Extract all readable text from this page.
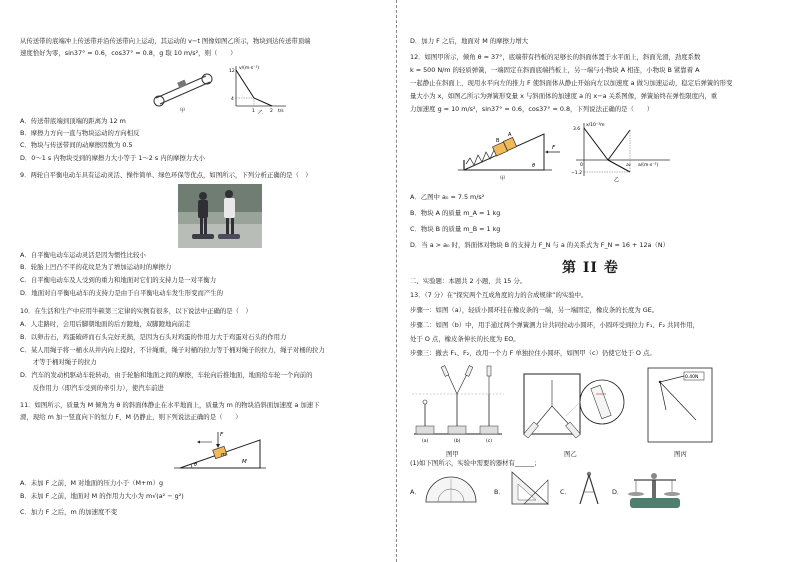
从传送带的底端冲上传送带并沿传送带向上运动，其运动的 v−t 图像如图乙所示，物块到达传送带顶端
速度恰好为零，sin37° = 0.6，cos37° = 0.8，g 取 10 m/s²，则（　　）
甲
v/(m·s⁻¹)
12
4
1	2 t/s
乙
A．传送带底端到顶端的距离为 12 m
B．摩擦力方向一直与物块运动的方向相反
C．物块与传送带间的动摩擦因数为 0.5
D．0～1 s 内物块受到的摩擦力大小等于 1～2 s 内的摩擦力大小
9．两轮自平衡电动车具有运动灵活、操作简单、绿色环保等优点，如图所示，下列分析正确的是（　）
A．自平衡电动车运动灵活是因为惯性比较小
B．轮胎上凹凸不平的花纹是为了增加运动时的摩擦力
C．自平衡电动车及人受到的重力和地面对它们的支持力是一对平衡力
D．地面对自平衡电动车的支持力是由于自平衡电动车发生形变而产生的
10．在生活和生产中应用牛顿第三定律的实例有很多，以下说法中正确的是（　）
A．人走路时，会用后脚朝地面的后方蹬地，双脚蹬地向前走
B．以卵击石，鸡蛋破碎而石头完好无损，是因为石头对鸡蛋的作用力大于鸡蛋对石头的作用力
C．某人用绳子将一桶水从井内向上提时，不计绳重，绳子对桶的拉力等于桶对绳子的拉力，绳子对桶的拉力
　　才等于桶对绳子的拉力
D．汽车的发动机驱动车轮转动，由于轮胎和地面之间的摩擦，车轮向后推地面，地面给车轮一个向前的
　　反作用力（即汽车受到的牵引力），使汽车前进
11．如图所示，质量为 M 倾角为 θ 的斜面体静止在水平地面上，质量为 m 的物块沿斜面加速度 a 加速下
滑，现给 m 加一竖直向下的恒力 F，M 仍静止，则下列说法正确的是（　　）
F
m
M
θ
A．未加 F 之前，M 对地面的压力小于（M+m）g
B．未加 F 之前，地面对 M 的作用力大小为 m√(a² − g²)
C．加力 F 之后，m 的加速度不变
D．加力 F 之后，地面对 M 的摩擦力增大
12．如图甲所示，倾角 θ = 37°，底端带有挡板的足够长的斜面体置于水平面上，斜面光滑，劲度系数
k = 500 N/m 的轻质弹簧，一端固定在斜面底端挡板上，另一端与小物块 A 相连，小物块 B 紧靠着 A
一起静止在斜面上，现用水平向左的推力 F 使斜面体从静止开始向左以加速度 a 做匀加速运动，稳定后弹簧的形变
量大小为 x，如图乙所示为弹簧形变量 x 与斜面体的加速度 a 的 x−a 关系图像，弹簧始终在弹性限度内，重
力加速度 g = 10 m/s²，sin37° = 0.6，cos37° = 0.8，下列说法正确的是（　　）
F
B
A
θ
甲
x/10⁻³m
3.6
−1.2
0	a₀ a/(m·s⁻²)
乙
A．乙图中 a₀ = 7.5 m/s²
B．物块 A 的质量 m_A = 1 kg
C．物块 B 的质量 m_B = 1 kg
D．当 a > a₀ 时，斜面体对物块 B 的支持力 F_N 与 a 的关系式为 F_N = 16 + 12a（N）
第 II 卷
二、实验题：本题共 2 小题，共 15 分。
13．（7 分）在“探究两个互成角度的力的合成规律”的实验中。
步骤一：如图（a），轻质小圆环挂在橡皮条的一端，另一端固定，橡皮条的长度为 GE。
步骤二：如图（b）中，用手通过两个弹簧测力计共同拉动小圆环，小圆环受到拉力 F₁、F₂ 共同作用，
处于 O 点，橡皮条伸长的长度为 EO。
步骤三：撤去 F₁、F₂，改用一个力 F 单独拉住小圆环，如图甲（c）仍使它处于 O 点。
(a)	(b)	(c)
图甲	图乙
0.40N
图丙
(1)如下图所示，实验中需要的器材有______；
A．	B．	C．	D．
